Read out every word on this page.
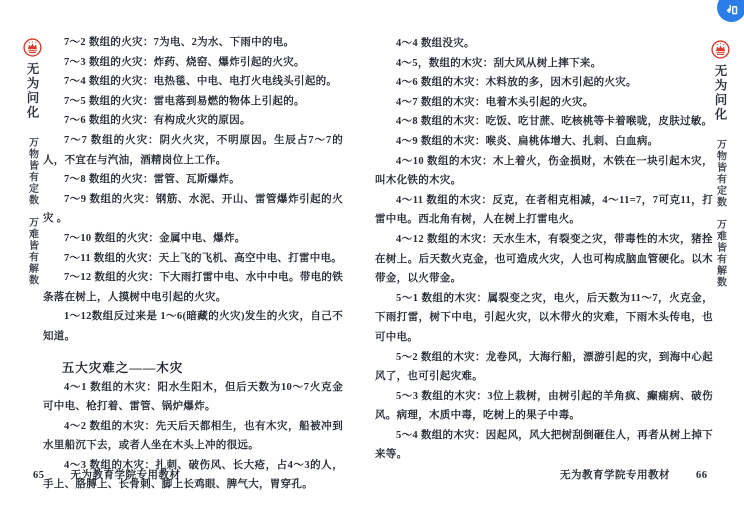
无为问化
万物皆有定数
万难皆有解数
无为问化
万物皆有定数
万难皆有解数

7～2 数组的火灾：7为电、2为水、下雨中的电。

7～3 数组的火灾：炸药、烧窑、爆炸引起的火灾。

7～4 数组的火灾：电热毯、中电、电打火电线头引起的。

7～5 数组的火灾：雷电落到易燃的物体上引起的。

7～6 数组的火灾：有构成火灾的原因。

7～7 数组的火灾：阴火火灾，不明原因。生辰占7～7的人，不宜在与汽油，酒精岗位上工作。

7～8 数组的火灾：雷管、瓦斯爆炸。

7～9 数组的火灾：钢筋、水泥、开山、雷管爆炸引起的火灾 。

7～10 数组的火灾：金属中电、爆炸。

7～11 数组的火灾：天上飞的飞机、高空中电、打雷中电。

7～12 数组的火灾：下大雨打雷中电、水中中电。带电的铁条落在树上，人摸树中电引起的火灾。

1～12数组反过来是 1～6(暗藏的火灾)发生的火灾，自己不知道。

五大灾难之——木灾

4～1 数组的木灾：阳水生阳木，但后天数为10～7火克金可中电、枪打着、雷管、锅炉爆炸。

4～2 数组的木灾：先天后天都相生，也有木灾，船被冲到水里船沉下去，或者人坐在木头上冲的很远。

4～3 数组的木灾：扎刺、破伤风、长大疮，占4～3的人，手上、胳膊上、长骨刺、脚上长鸡眼、脾气大，胃穿孔。

4～4 数组没灾。

4～5，数组的木灾：刮大风从树上摔下来。

4～6 数组的木灾：木料放的多，因木引起的火灾。

4～7 数组的木灾：电着木头引起的火灾。

4～8 数组的木灾：吃饭、吃甘蔗、吃核桃等卡着喉咙，皮肤过敏。

4～9 数组的木灾：喉炎、扁桃体增大、扎刺、白血病。

4～10 数组的木灾：木上着火，伤金损财，木铁在一块引起木灾，叫木化铁的木灾。

4～11 数组的木灾：反克，在者相克相减，4～11=7，7可克11，打雷中电。西北角有树，人在树上打雷电火。

4～12 数组的木灾：天水生木，有裂变之灾，带毒性的木灾，猪拴在树上。后天数火克金，也可造成火灾，人也可构成脑血管硬化。以木带金，以火带金。

5～1 数组的木灾：属裂变之灾，电火，后天数为11～7，火克金，下雨打雷，树下中电，引起火灾，以木带火的灾难，下雨木头传电，也可中电。

5～2 数组的木灾：龙卷风，大海行船，漂游引起的灾，到海中心起风了，也可引起灾难。

5～3 数组的木灾：3位上栽树，由树引起的羊角疯、癫痫病、破伤风。病理，木质中毒，吃树上的果子中毒。

5～4 数组的木灾：因起风，风大把树刮倒砸住人，再者从树上掉下来等。

65 无为教育学院专用教材	无为教育学院专用教材 66
